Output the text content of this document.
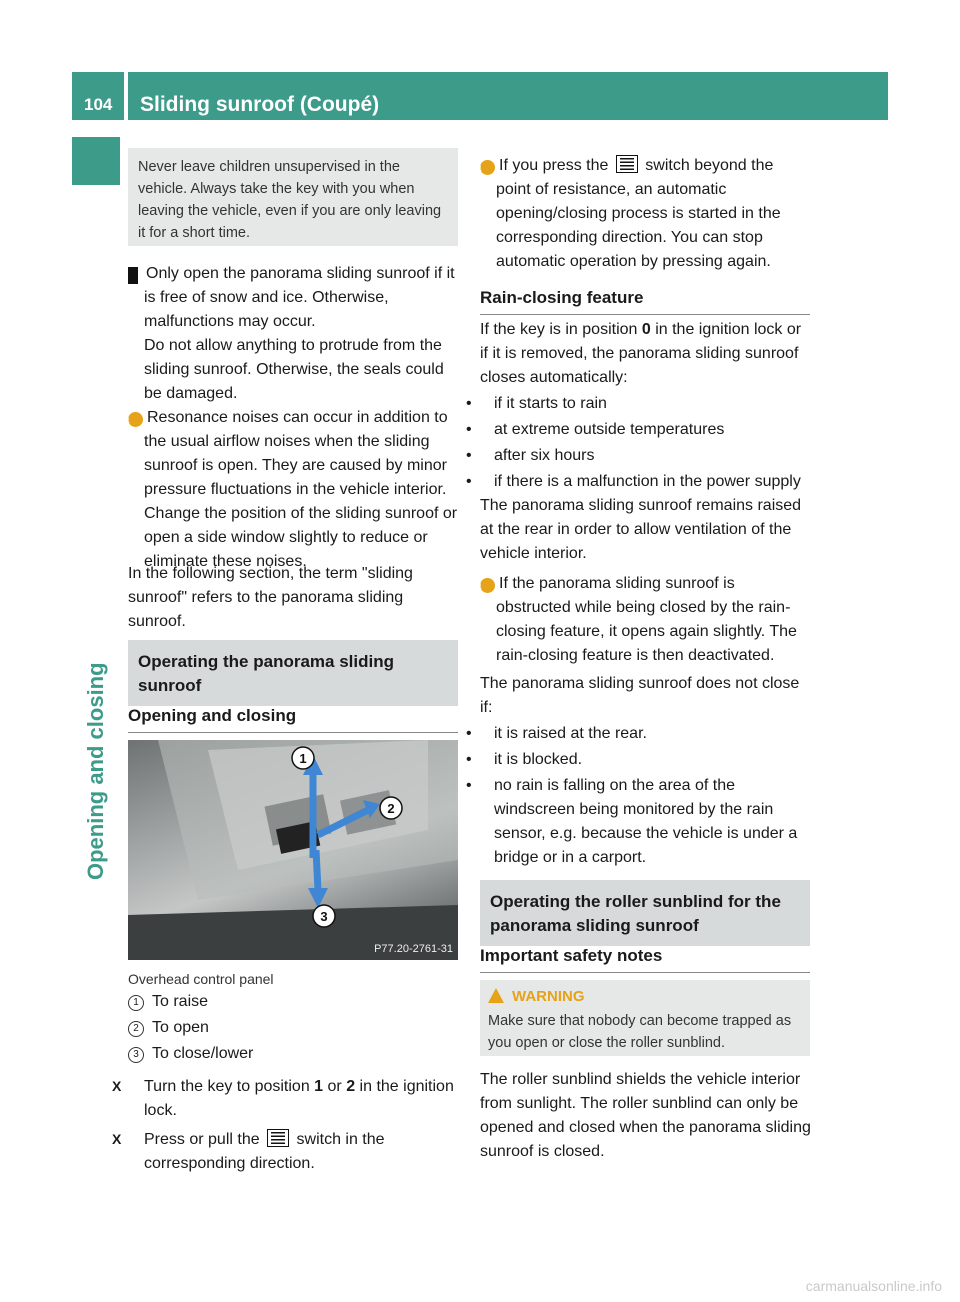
104	Sliding sunroof (Coupé)
Opening and closing
Never leave children unsupervised in the vehicle. Always take the key with you when leaving the vehicle, even if you are only leaving it for a short time.

! Only open the panorama sliding sunroof if it is free of snow and ice. Otherwise, malfunctions may occur.

Do not allow anything to protrude from the sliding sunroof. Otherwise, the seals could be damaged.

i Resonance noises can occur in addition to the usual airflow noises when the sliding sunroof is open. They are caused by minor pressure fluctuations in the vehicle interior. Change the position of the sliding sunroof or open a side window slightly to reduce or eliminate these noises.

In the following section, the term "sliding sunroof" refers to the panorama sliding sunroof.

Operating the panorama sliding sunroof
Opening and closing
1
2
3
P77.20-2761-31
Overhead control panel
1 To raise
2 To open
3 To close/lower

X Turn the key to position 1 or 2 in the ignition lock.

X Press or pull the  switch in the corresponding direction.

i If you press the  switch beyond the point of resistance, an automatic opening/closing process is started in the corresponding direction. You can stop automatic operation by pressing again.

Rain-closing feature

If the key is in position 0 in the ignition lock or if it is removed, the panorama sliding sunroof closes automatically:

• if it starts to rain
• at extreme outside temperatures
• after six hours
• if there is a malfunction in the power supply

The panorama sliding sunroof remains raised at the rear in order to allow ventilation of the vehicle interior.

i If the panorama sliding sunroof is obstructed while being closed by the rain-closing feature, it opens again slightly. The rain-closing feature is then deactivated.

The panorama sliding sunroof does not close if:

• it is raised at the rear.
• it is blocked.
• no rain is falling on the area of the windscreen being monitored by the rain sensor, e.g. because the vehicle is under a bridge or in a carport.
Operating the roller sunblind for the panorama sliding sunroof
Important safety notes
WARNING
Make sure that nobody can become trapped as you open or close the roller sunblind.

The roller sunblind shields the vehicle interior from sunlight. The roller sunblind can only be opened and closed when the panorama sliding sunroof is closed.

carmanualsonline.info
